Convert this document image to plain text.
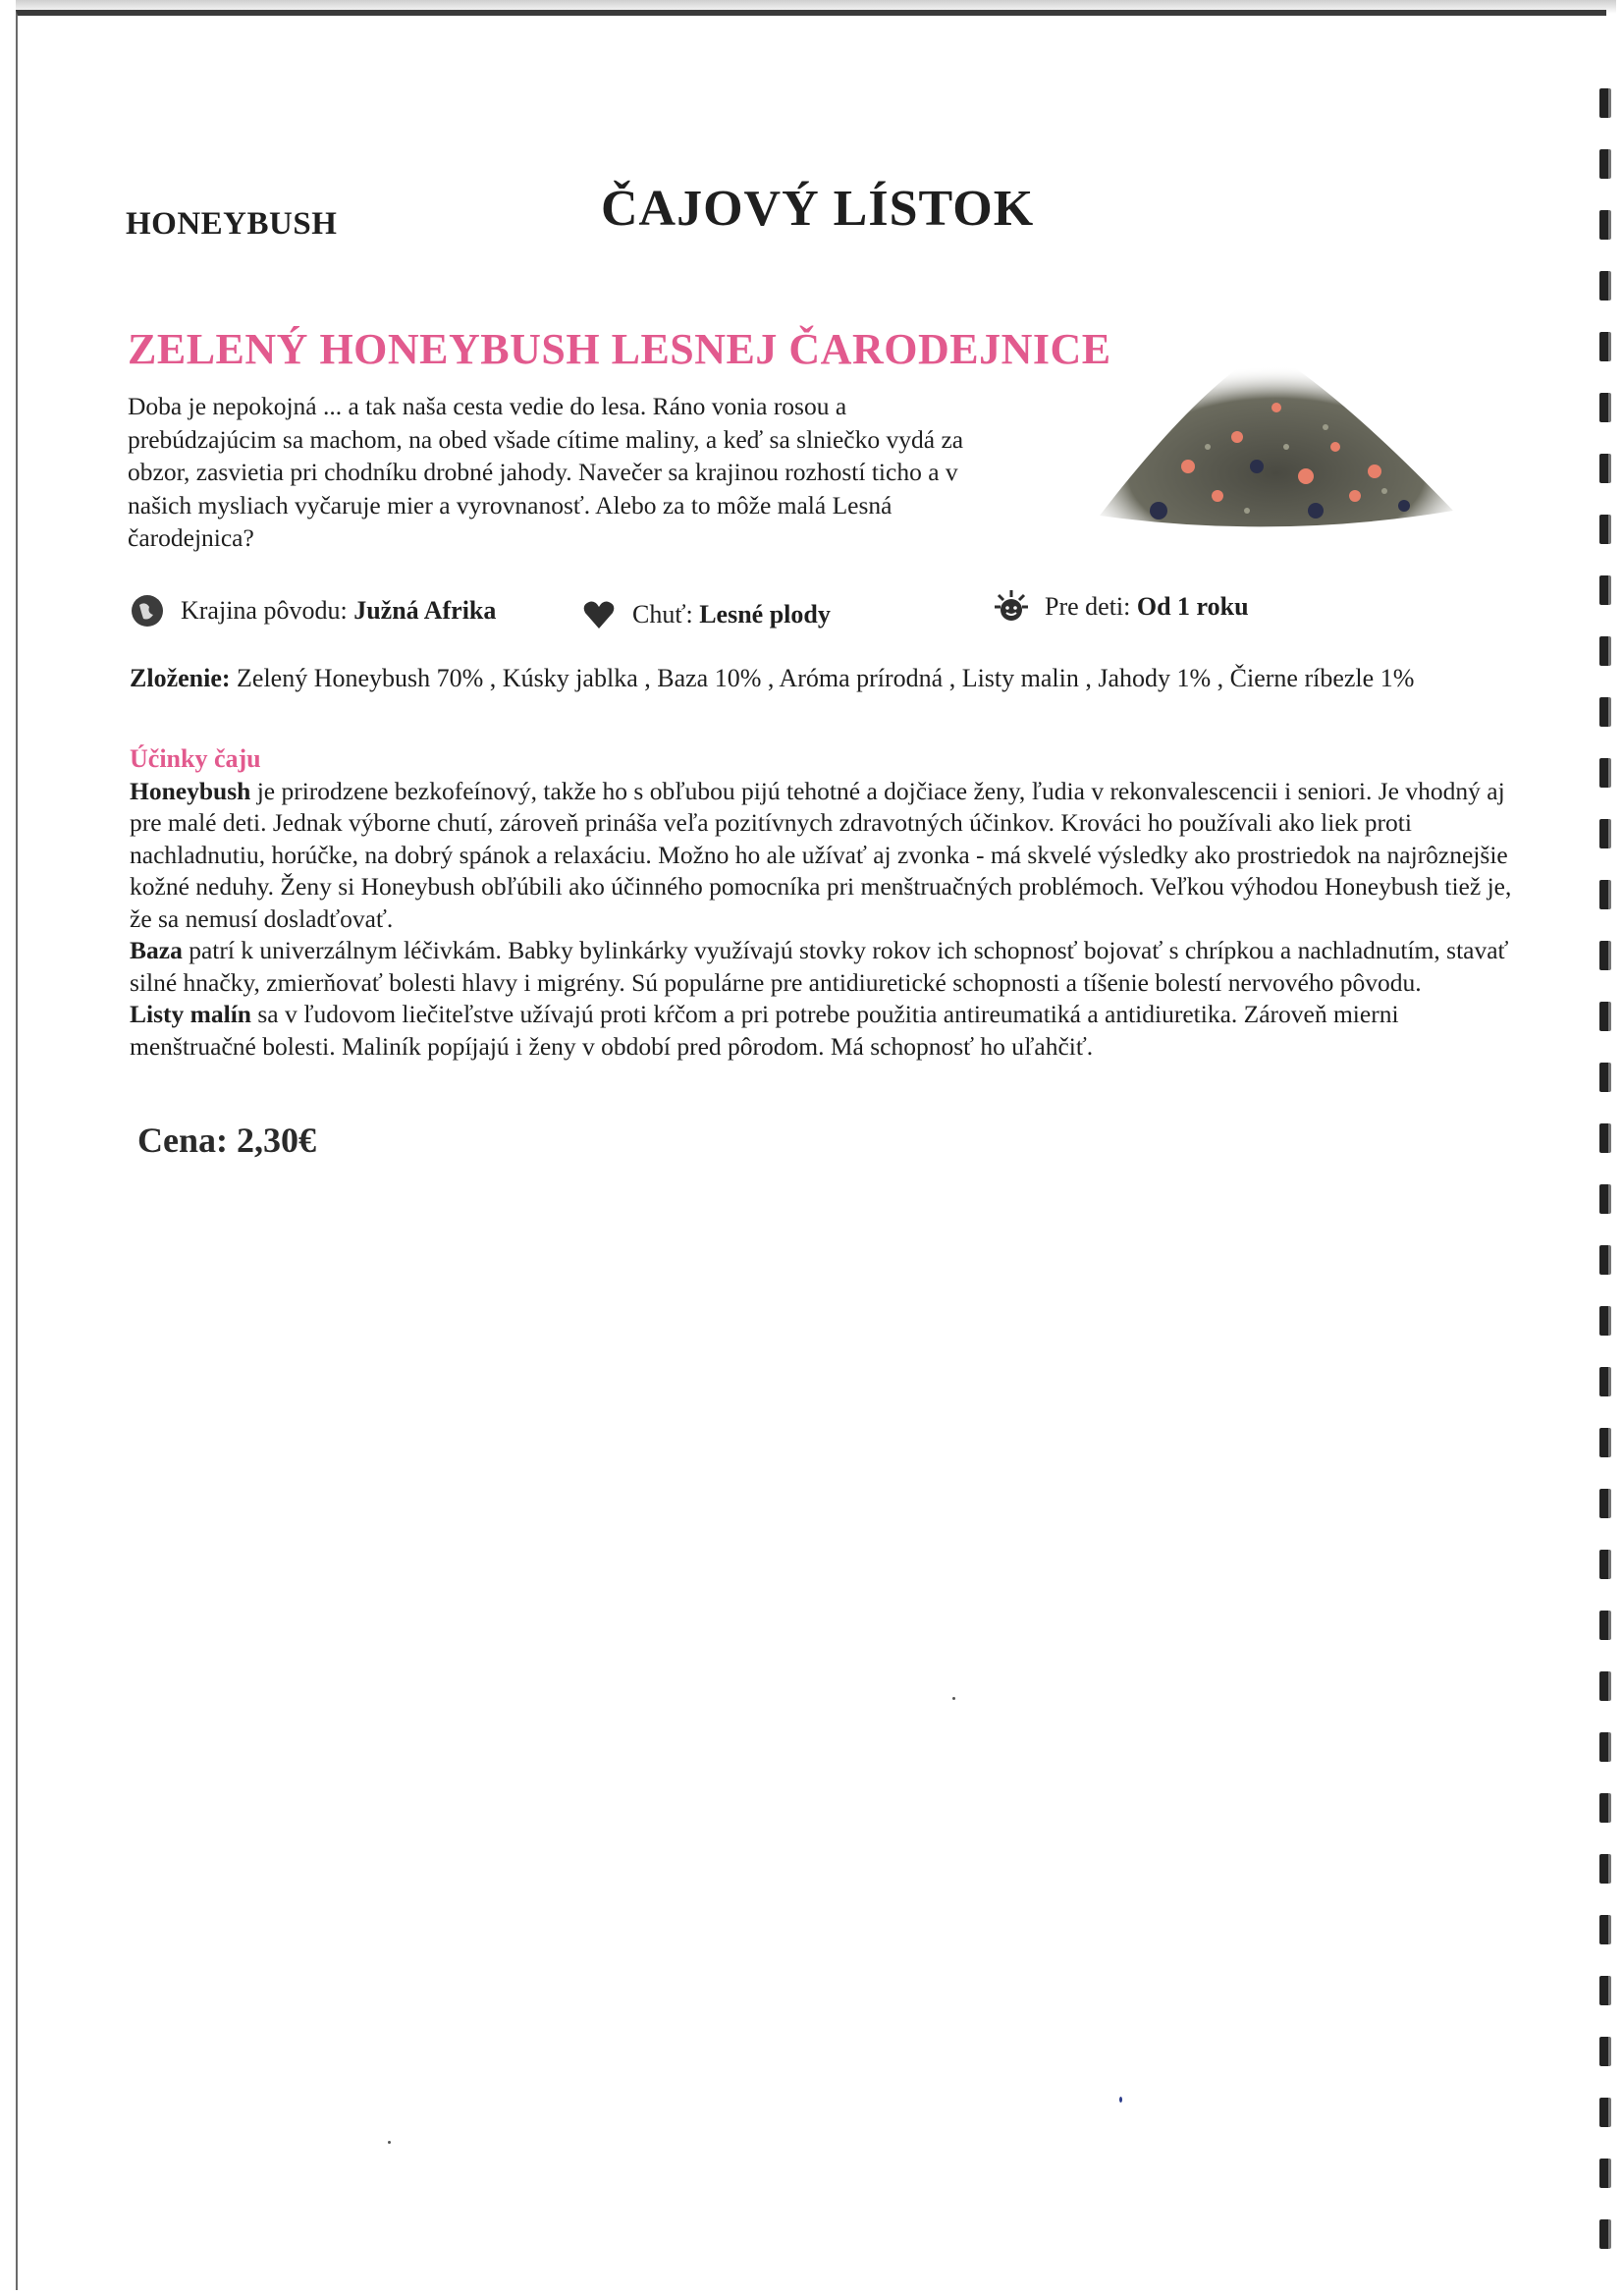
HONEYBUSH	ČAJOVÝ LÍSTOK
ZELENÝ HONEYBUSH LESNEJ ČARODEJNICE
Doba je nepokojná ... a tak naša cesta vedie do lesa. Ráno vonia rosou a prebúdzajúcim sa machom, na obed všade cítime maliny, a keď sa slniečko vydá za obzor, zasvietia pri chodníku drobné jahody. Navečer sa krajinou rozhostí ticho a v našich mysliach vyčaruje mier a vyrovnanosť. Alebo za to môže malá Lesná čarodejnica?
Krajina pôvodu:
Južná Afrika	Chuť:
Lesné plody	Pre deti:
Od 1 roku
Zloženie: Zelený Honeybush 70% , Kúsky jablka , Baza 10% , Aróma prírodná , Listy malin , Jahody 1% , Čierne ríbezle 1%
Účinky čaju
Honeybush je prirodzene bezkofeínový, takže ho s obľubou pijú tehotné a dojčiace ženy, ľudia v rekonvalescencii i seniori. Je vhodný aj pre malé deti. Jednak výborne chutí, zároveň prináša veľa pozitívnych zdravotných účinkov. Krováci ho používali ako liek proti nachladnutiu, horúčke, na dobrý spánok a relaxáciu. Možno ho ale užívať aj zvonka - má skvelé výsledky ako prostriedok na najrôznejšie kožné neduhy. Ženy si Honeybush obľúbili ako účinného pomocníka pri menštruačných problémoch. Veľkou výhodou Honeybush tiež je, že sa nemusí dosladťovať.
Baza patrí k univerzálnym léčivkám. Babky bylinkárky využívajú stovky rokov ich schopnosť bojovať s chrípkou a nachladnutím, stavať silné hnačky, zmierňovať bolesti hlavy i migrény. Sú populárne pre antidiuretické schopnosti a tíšenie bolestí nervového pôvodu.
Listy malín sa v ľudovom liečiteľstve užívajú proti kŕčom a pri potrebe použitia antireumatiká a antidiuretika. Zároveň mierni menštruačné bolesti. Maliník popíjajú i ženy v období pred pôrodom. Má schopnosť ho uľahčiť.
Cena: 2,30€
